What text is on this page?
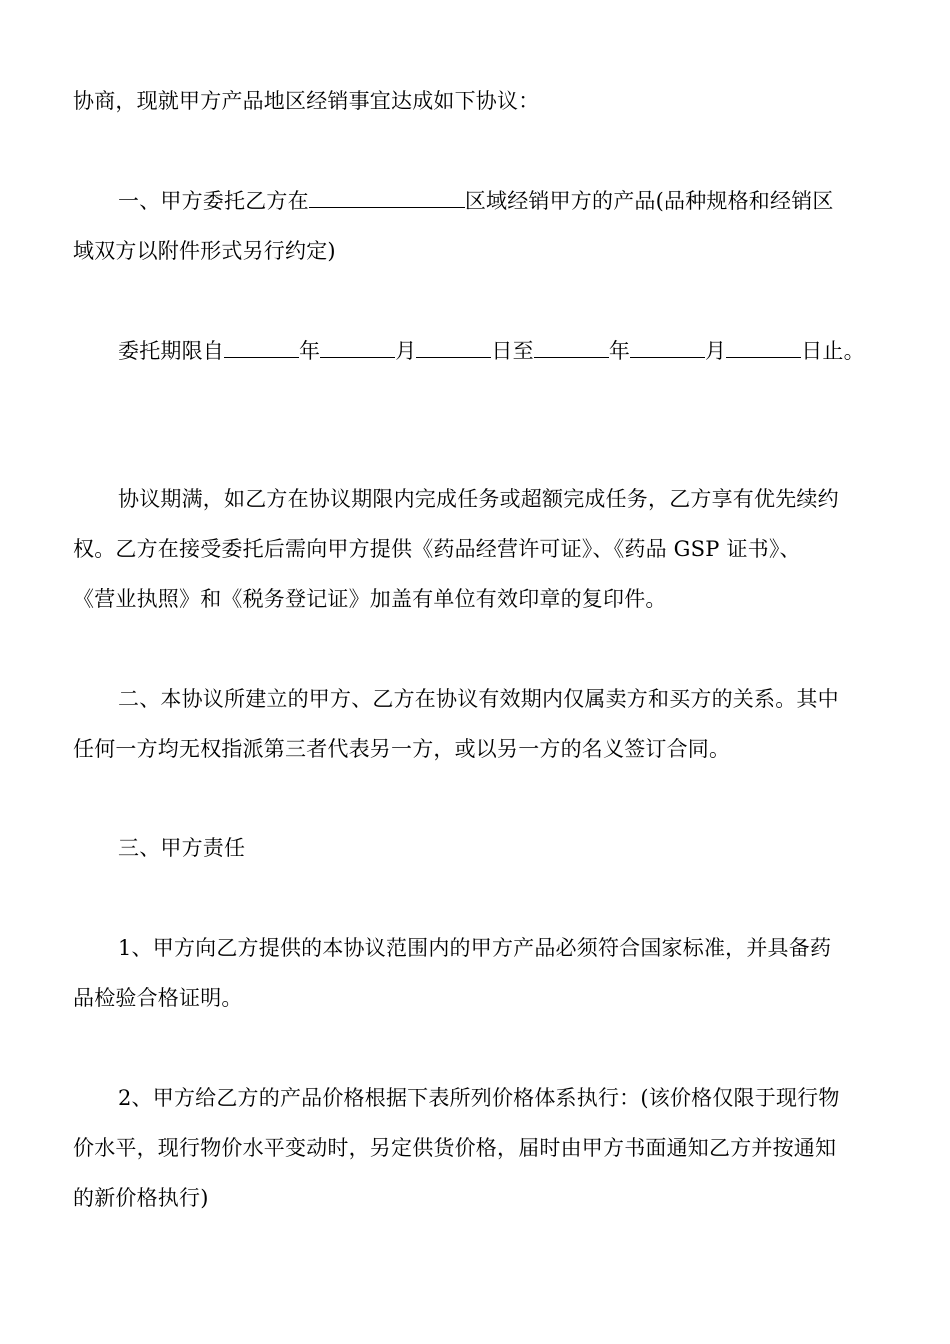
协商，现就甲方产品地区经销事宜达成如下协议：
一、甲方委托乙方在	区域经销甲方的产品(品种规格和经销区
域双方以附件形式另行约定)
委托期限自	年	月	日至	年	月	日止。
协议期满，如乙方在协议期限内完成任务或超额完成任务，乙方享有优先续约
权。乙方在接受委托后需向甲方提供《药品经营许可证》、《药品 GSP 证书》、
《营业执照》和《税务登记证》加盖有单位有效印章的复印件。
二、本协议所建立的甲方、乙方在协议有效期内仅属卖方和买方的关系。其中
任何一方均无权指派第三者代表另一方，或以另一方的名义签订合同。
三、甲方责任
1、甲方向乙方提供的本协议范围内的甲方产品必须符合国家标准，并具备药
品检验合格证明。
2、甲方给乙方的产品价格根据下表所列价格体系执行：(该价格仅限于现行物
价水平，现行物价水平变动时，另定供货价格，届时由甲方书面通知乙方并按通知
的新价格执行)
